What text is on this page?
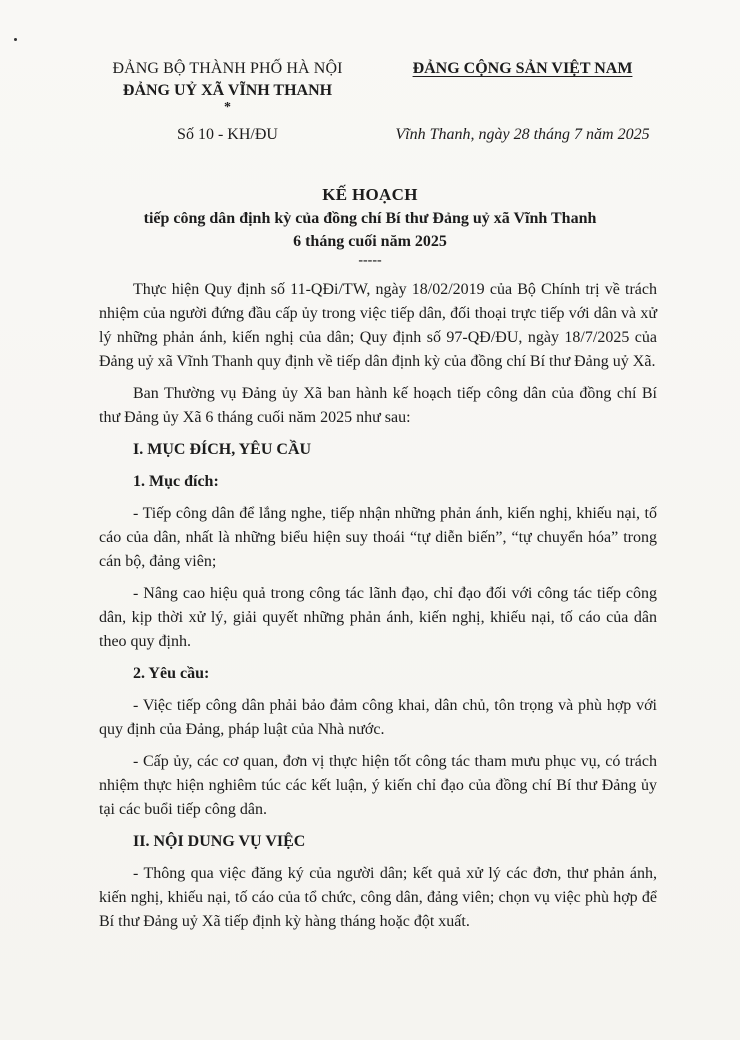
ĐẢNG BỘ THÀNH PHỐ HÀ NỘI
ĐẢNG UỶ XÃ VĨNH THANH
*
Số 10 - KH/ĐU
ĐẢNG CỘNG SẢN VIỆT NAM
Vĩnh Thanh, ngày 28 tháng 7 năm 2025
KẾ HOẠCH
tiếp công dân định kỳ của đồng chí Bí thư Đảng uỷ xã Vĩnh Thanh
6 tháng cuối năm 2025
-----

Thực hiện Quy định số 11-QĐi/TW, ngày 18/02/2019 của Bộ Chính trị về trách nhiệm của người đứng đầu cấp ủy trong việc tiếp dân, đối thoại trực tiếp với dân và xử lý những phản ánh, kiến nghị của dân; Quy định số 97-QĐ/ĐU, ngày 18/7/2025 của Đảng uỷ xã Vĩnh Thanh quy định về tiếp dân định kỳ của đồng chí Bí thư Đảng uỷ Xã.

Ban Thường vụ Đảng ủy Xã ban hành kế hoạch tiếp công dân của đồng chí Bí thư Đảng ủy Xã 6 tháng cuối năm 2025 như sau:

I. MỤC ĐÍCH, YÊU CẦU
1. Mục đích:

- Tiếp công dân để lắng nghe, tiếp nhận những phản ánh, kiến nghị, khiếu nại, tố cáo của dân, nhất là những biểu hiện suy thoái “tự diễn biến”, “tự chuyển hóa” trong cán bộ, đảng viên;

- Nâng cao hiệu quả trong công tác lãnh đạo, chỉ đạo đối với công tác tiếp công dân, kịp thời xử lý, giải quyết những phản ánh, kiến nghị, khiếu nại, tố cáo của dân theo quy định.

2. Yêu cầu:

- Việc tiếp công dân phải bảo đảm công khai, dân chủ, tôn trọng và phù hợp với quy định của Đảng, pháp luật của Nhà nước.

- Cấp ủy, các cơ quan, đơn vị thực hiện tốt công tác tham mưu phục vụ, có trách nhiệm thực hiện nghiêm túc các kết luận, ý kiến chỉ đạo của đồng chí Bí thư Đảng ủy tại các buổi tiếp công dân.

II. NỘI DUNG VỤ VIỆC

- Thông qua việc đăng ký của người dân; kết quả xử lý các đơn, thư phản ánh, kiến nghị, khiếu nại, tố cáo của tổ chức, công dân, đảng viên; chọn vụ việc phù hợp để Bí thư Đảng uỷ Xã tiếp định kỳ hàng tháng hoặc đột xuất.
